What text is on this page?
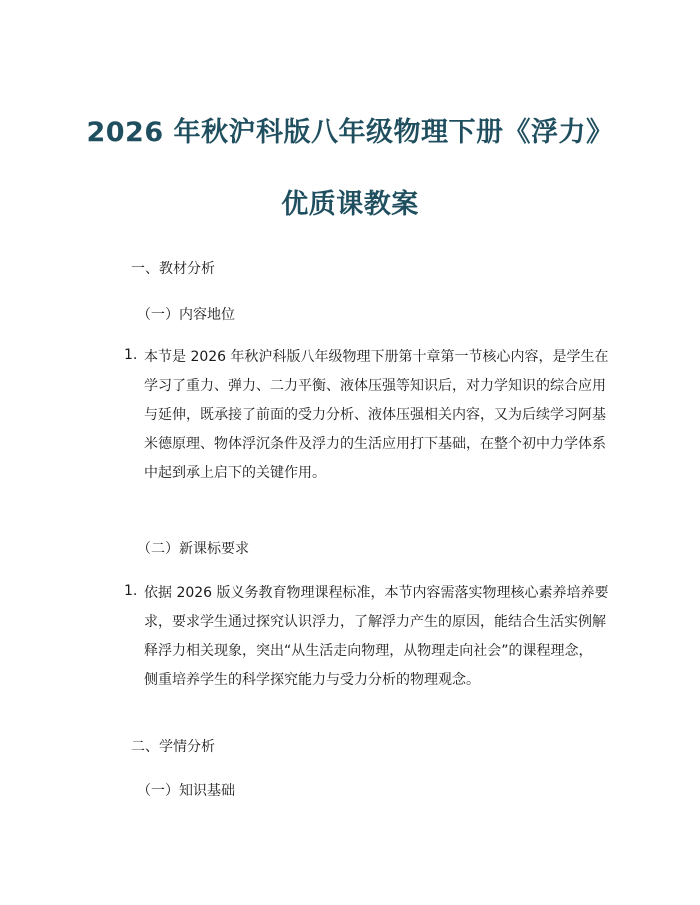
2026 年秋沪科版八年级物理下册《浮力》
优质课教案
一、教材分析
（一）内容地位
1. 本节是 2026 年秋沪科版八年级物理下册第十章第一节核心内容，是学生在
学习了重力、弹力、二力平衡、液体压强等知识后，对力学知识的综合应用
与延伸，既承接了前面的受力分析、液体压强相关内容，又为后续学习阿基
米德原理、物体浮沉条件及浮力的生活应用打下基础，在整个初中力学体系
中起到承上启下的关键作用。
（二）新课标要求
1. 依据 2026 版义务教育物理课程标准，本节内容需落实物理核心素养培养要
求，要求学生通过探究认识浮力，了解浮力产生的原因，能结合生活实例解
释浮力相关现象，突出“从生活走向物理，从物理走向社会”的课程理念，
侧重培养学生的科学探究能力与受力分析的物理观念。
二、学情分析
（一）知识基础
